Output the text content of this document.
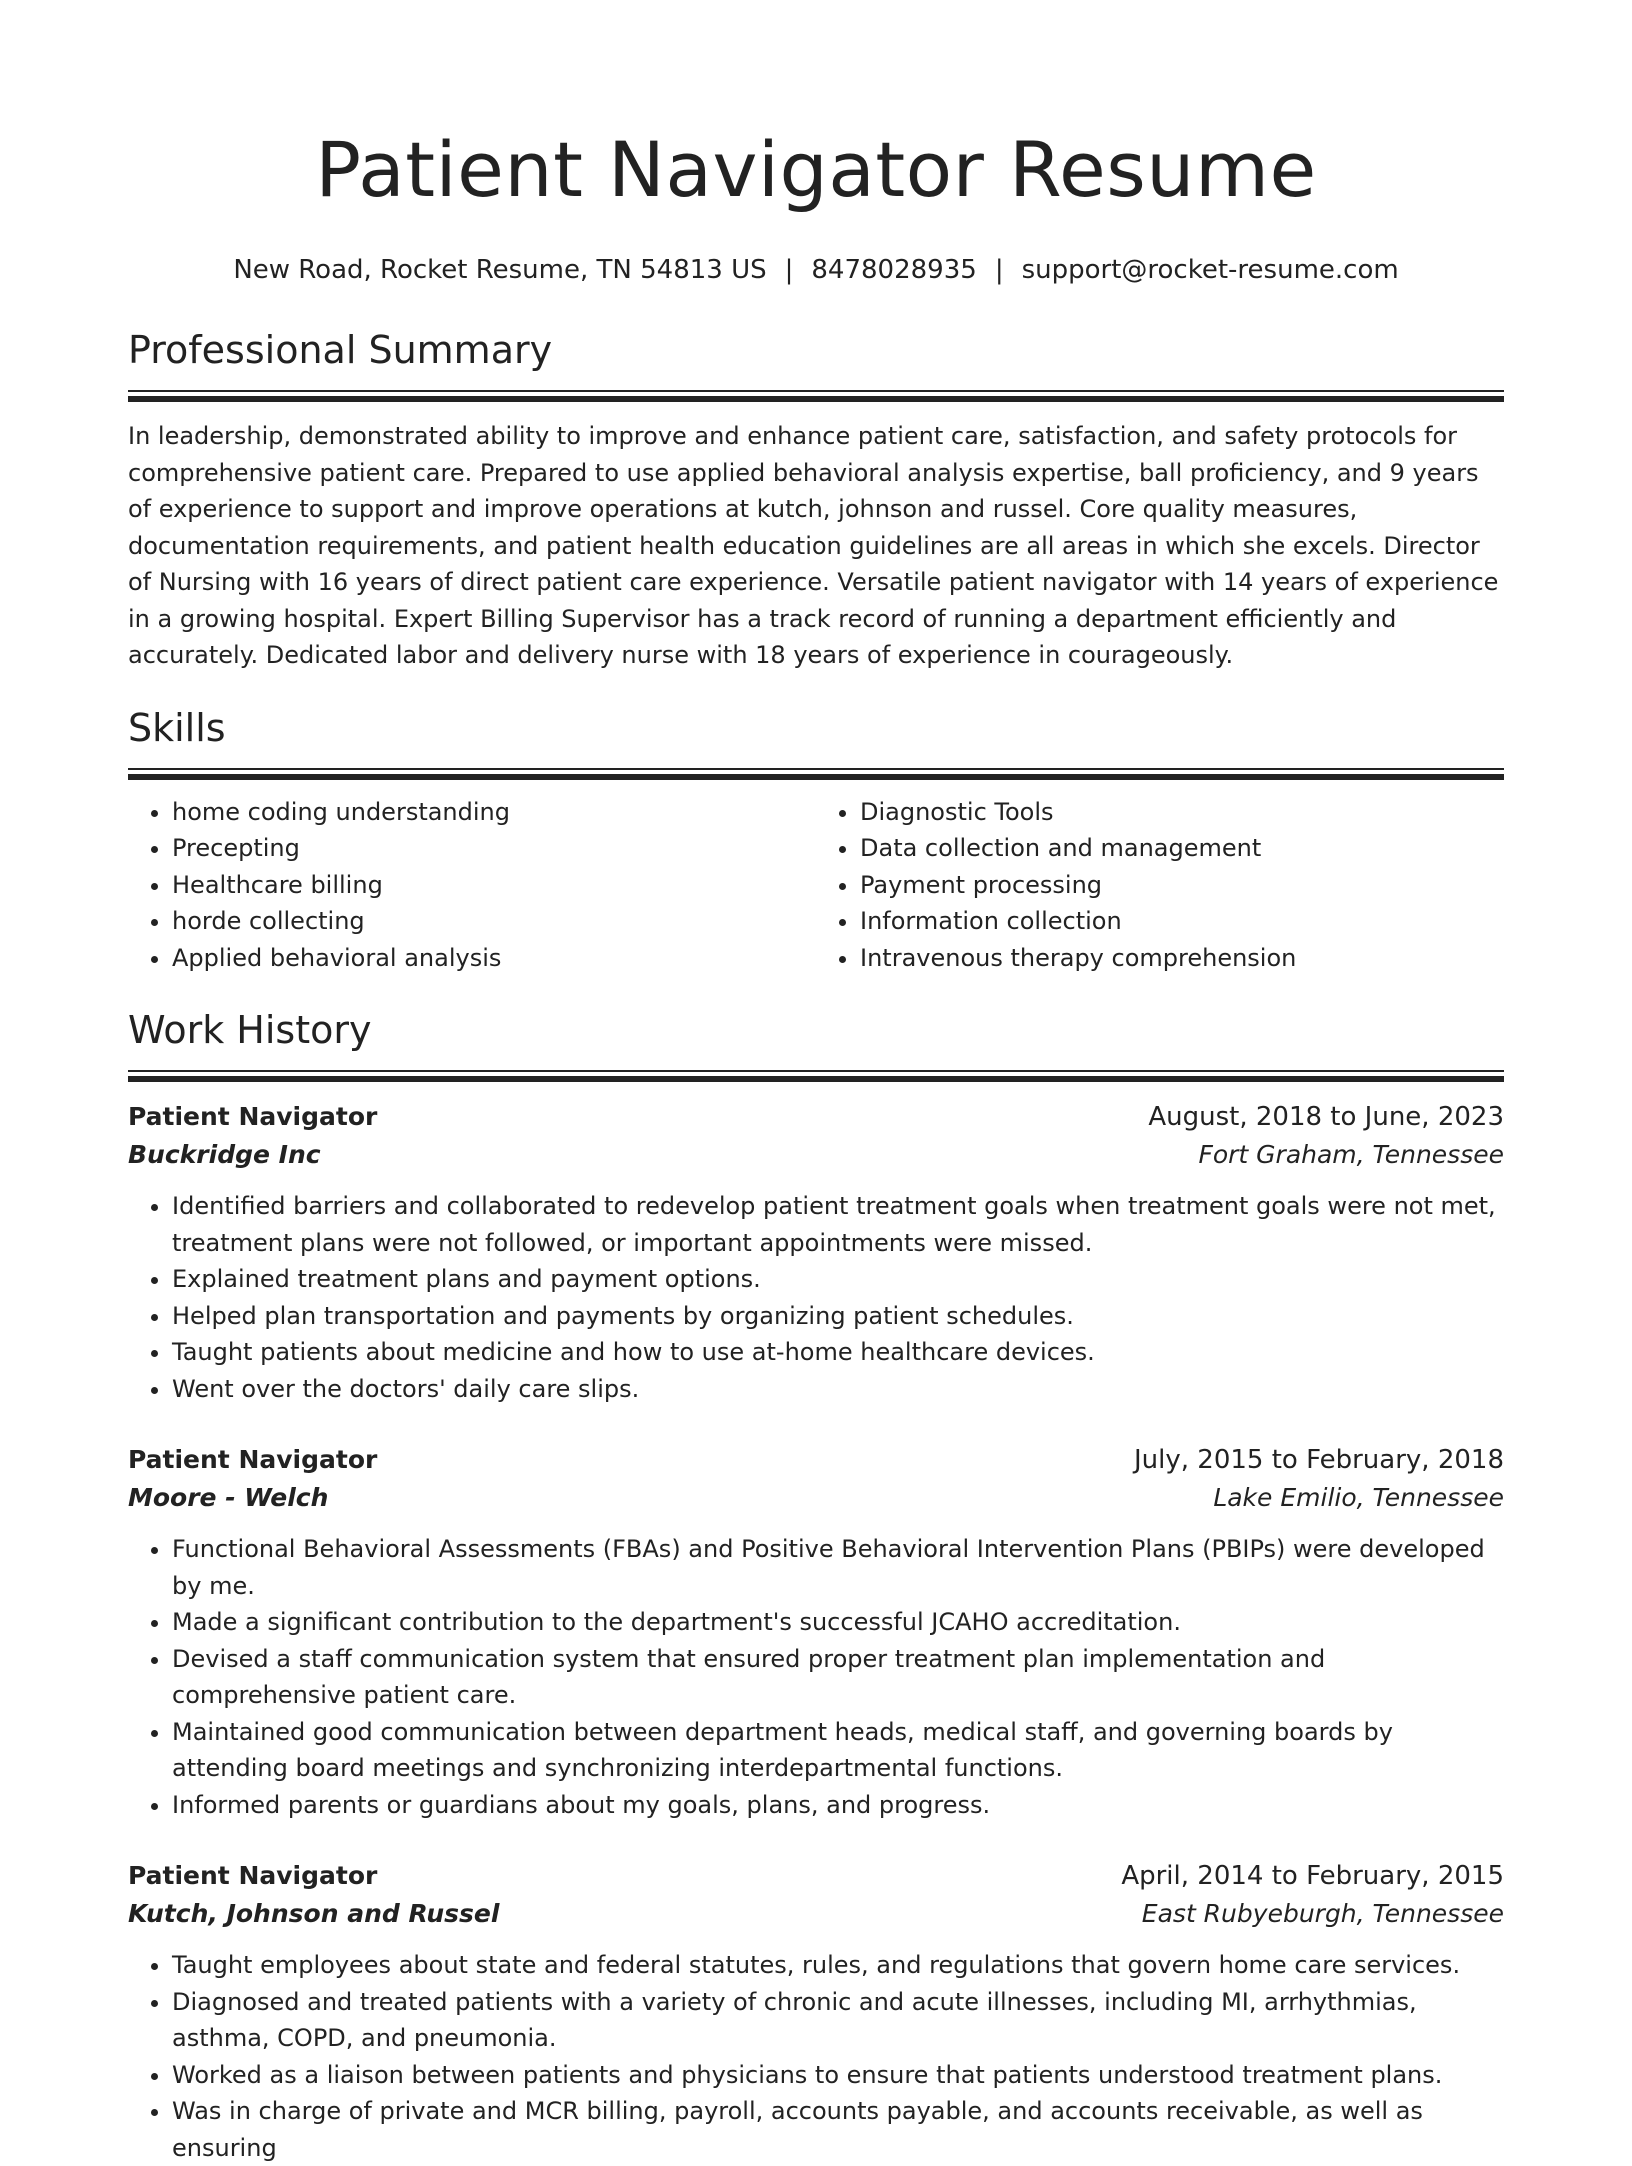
Patient Navigator Resume
New Road, Rocket Resume, TN 54813 US | 8478028935 | support@rocket-resume.com
Professional Summary
In leadership, demonstrated ability to improve and enhance patient care, satisfaction, and safety protocols for comprehensive patient care. Prepared to use applied behavioral analysis expertise, ball proficiency, and 9 years of experience to support and improve operations at kutch, johnson and russel. Core quality measures, documentation requirements, and patient health education guidelines are all areas in which she excels. Director of Nursing with 16 years of direct patient care experience. Versatile patient navigator with 14 years of experience in a growing hospital. Expert Billing Supervisor has a track record of running a department efficiently and accurately. Dedicated labor and delivery nurse with 18 years of experience in courageously.
Skills
• home coding understanding
• Precepting
• Healthcare billing
• horde collecting
• Applied behavioral analysis
• Diagnostic Tools
• Data collection and management
• Payment processing
• Information collection
• Intravenous therapy comprehension
Work History
Patient Navigator	August, 2018 to June, 2023
Buckridge Inc	Fort Graham, Tennessee
• Identified barriers and collaborated to redevelop patient treatment goals when treatment goals were not met, treatment plans were not followed, or important appointments were missed.
• Explained treatment plans and payment options.
• Helped plan transportation and payments by organizing patient schedules.
• Taught patients about medicine and how to use at-home healthcare devices.
• Went over the doctors' daily care slips.
Patient Navigator	July, 2015 to February, 2018
Moore - Welch	Lake Emilio, Tennessee
• Functional Behavioral Assessments (FBAs) and Positive Behavioral Intervention Plans (PBIPs) were developed by me.
• Made a significant contribution to the department's successful JCAHO accreditation.
• Devised a staff communication system that ensured proper treatment plan implementation and comprehensive patient care.
• Maintained good communication between department heads, medical staff, and governing boards by attending board meetings and synchronizing interdepartmental functions.
• Informed parents or guardians about my goals, plans, and progress.
Patient Navigator	April, 2014 to February, 2015
Kutch, Johnson and Russel	East Rubyeburgh, Tennessee
• Taught employees about state and federal statutes, rules, and regulations that govern home care services.
• Diagnosed and treated patients with a variety of chronic and acute illnesses, including MI, arrhythmias, asthma, COPD, and pneumonia.
• Worked as a liaison between patients and physicians to ensure that patients understood treatment plans.
• Was in charge of private and MCR billing, payroll, accounts payable, and accounts receivable, as well as ensuring
